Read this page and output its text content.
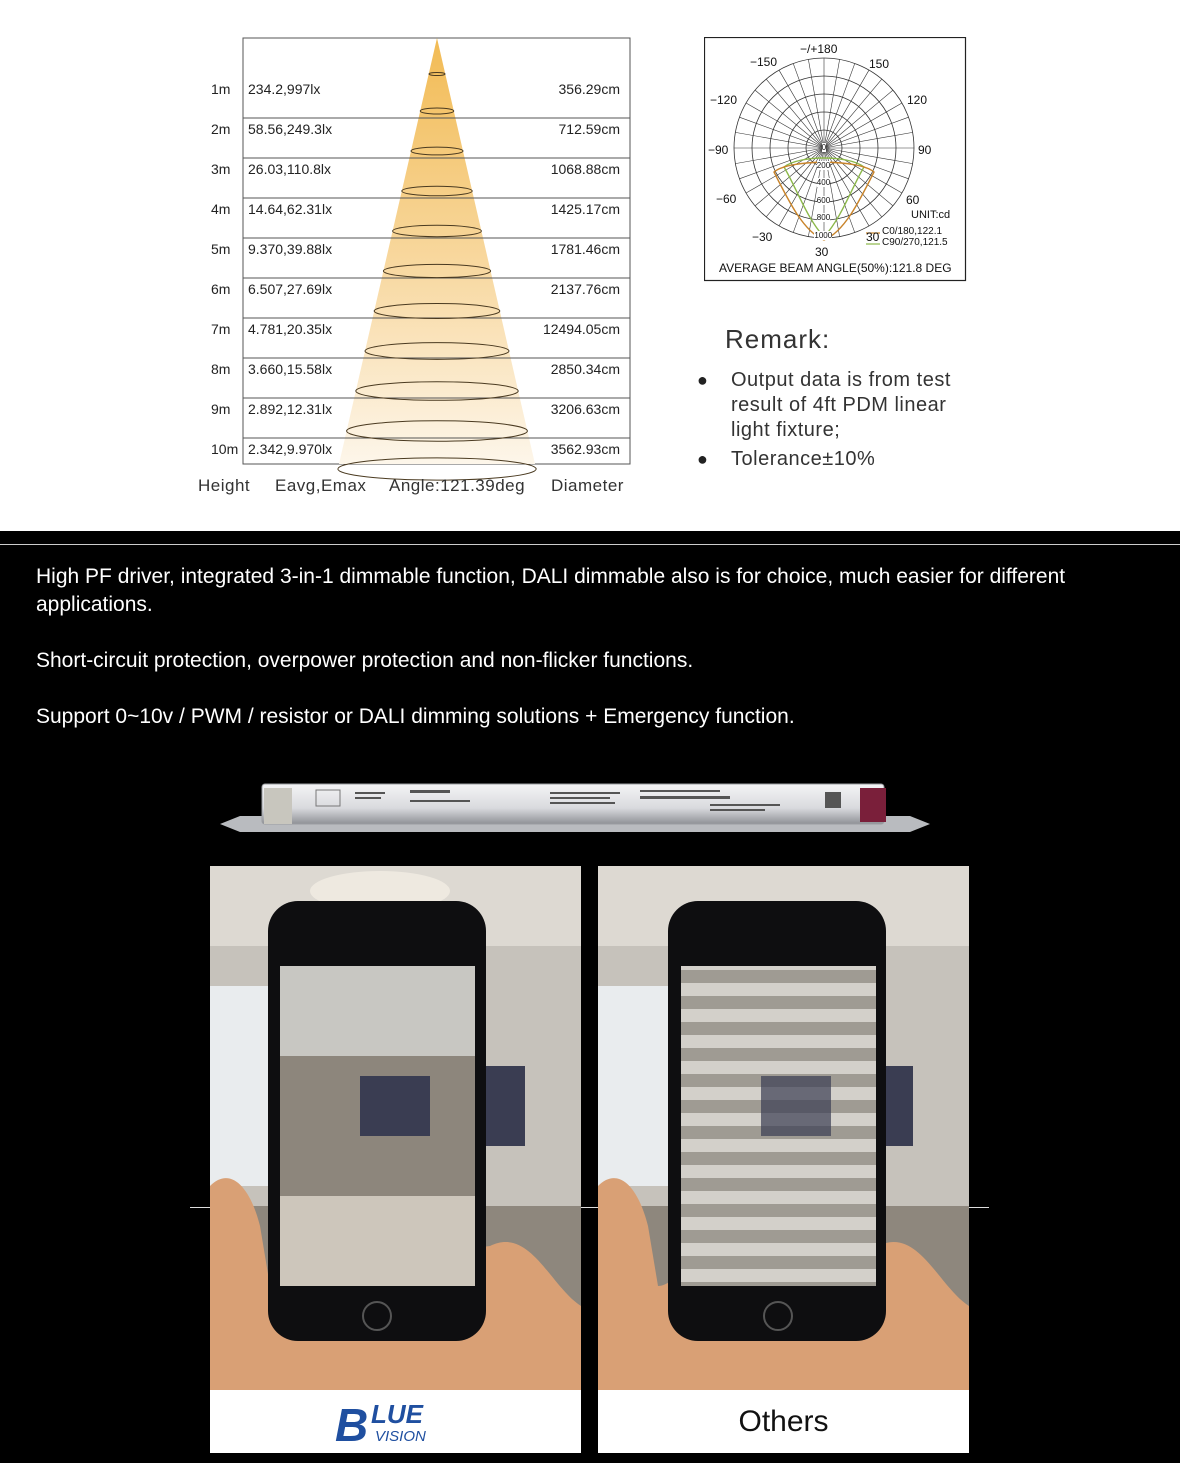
1m	234.2,997lx	356.29cm
2m	58.56,249.3lx	712.59cm
3m	26.03,110.8lx	1068.88cm
4m	14.64,62.31lx	1425.17cm
5m	9.370,39.88lx	1781.46cm
6m	6.507,27.69lx	2137.76cm
7m	4.781,20.35lx	12494.05cm
8m	3.660,15.58lx	2850.34cm
9m	2.892,12.31lx	3206.63cm
10m 2.342,9.970lx	3562.93cm
Height Eavg,Emax Angle:121.39deg Diameter
−/+180
−150	150
−120	120
−90	90
−60	60
−30	30
30
0
200
400
600
800
1000
UNIT:cd
C0/180,122.1
C90/270,121.5
AVERAGE BEAM ANGLE(50%):121.8 DEG
Remark:
● Output data is from test
result of 4ft PDM linear
light fixture;
● Tolerance±10%
High PF driver, integrated 3-in-1 dimmable function, DALI dimmable also is for choice, much easier for different applications.
Short-circuit protection, overpower protection and non-flicker functions.
Support 0~10v / PWM / resistor or DALI dimming solutions + Emergency function.
B LUE
VISION	Others
